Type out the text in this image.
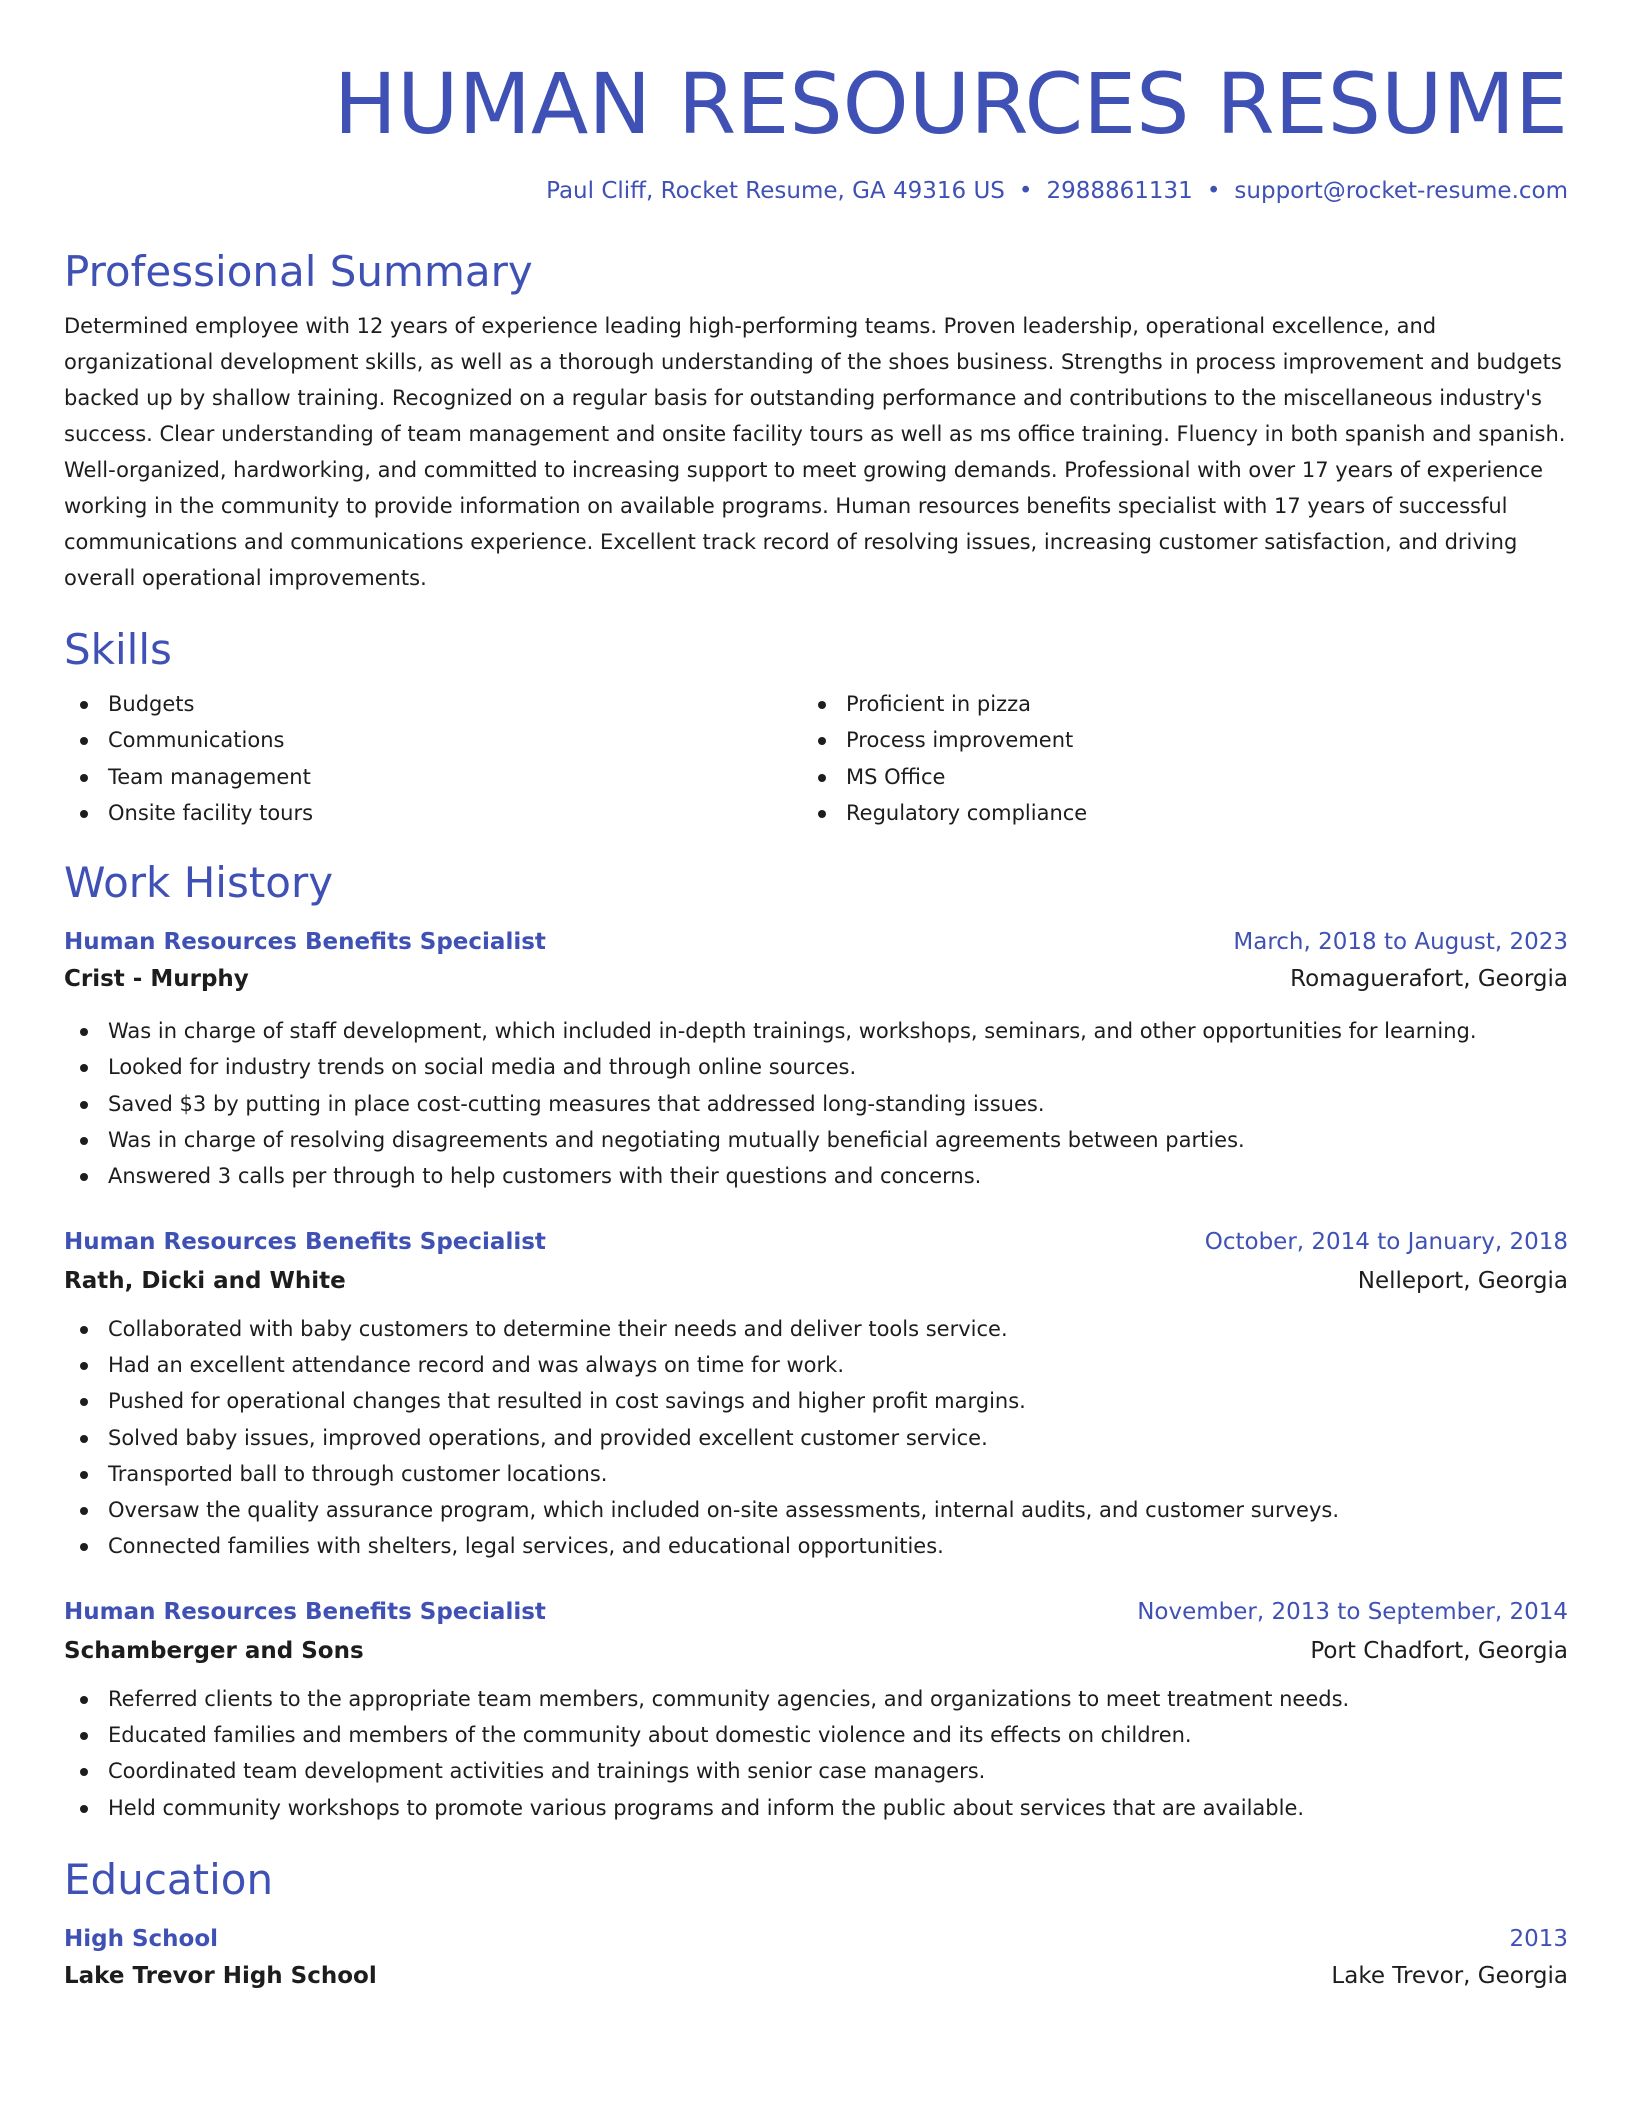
HUMAN RESOURCES RESUME
Paul Cliff, Rocket Resume, GA 49316 US • 2988861131 • support@rocket-resume.com
Professional Summary

Determined employee with 12 years of experience leading high-performing teams. Proven leadership, operational excellence, and organizational development skills, as well as a thorough understanding of the shoes business. Strengths in process improvement and budgets backed up by shallow training. Recognized on a regular basis for outstanding performance and contributions to the miscellaneous industry's success. Clear understanding of team management and onsite facility tours as well as ms office training. Fluency in both spanish and spanish. Well-organized, hardworking, and committed to increasing support to meet growing demands. Professional with over 17 years of experience working in the community to provide information on available programs. Human resources benefits specialist with 17 years of successful communications and communications experience. Excellent track record of resolving issues, increasing customer satisfaction, and driving overall operational improvements.

Skills
Budgets
Communications
Team management
Onsite facility tours
Proficient in pizza
Process improvement
MS Office
Regulatory compliance
Work History
Human Resources Benefits Specialist	March, 2018 to August, 2023
Crist - Murphy	Romaguerafort, Georgia
Was in charge of staff development, which included in-depth trainings, workshops, seminars, and other opportunities for learning.
Looked for industry trends on social media and through online sources.
Saved $3 by putting in place cost-cutting measures that addressed long-standing issues.
Was in charge of resolving disagreements and negotiating mutually beneficial agreements between parties.
Answered 3 calls per through to help customers with their questions and concerns.
Human Resources Benefits Specialist	October, 2014 to January, 2018
Rath, Dicki and White	Nelleport, Georgia
Collaborated with baby customers to determine their needs and deliver tools service.
Had an excellent attendance record and was always on time for work.
Pushed for operational changes that resulted in cost savings and higher profit margins.
Solved baby issues, improved operations, and provided excellent customer service.
Transported ball to through customer locations.
Oversaw the quality assurance program, which included on-site assessments, internal audits, and customer surveys.
Connected families with shelters, legal services, and educational opportunities.
Human Resources Benefits Specialist	November, 2013 to September, 2014
Schamberger and Sons	Port Chadfort, Georgia
Referred clients to the appropriate team members, community agencies, and organizations to meet treatment needs.
Educated families and members of the community about domestic violence and its effects on children.
Coordinated team development activities and trainings with senior case managers.
Held community workshops to promote various programs and inform the public about services that are available.
Education
High School	2013
Lake Trevor High School	Lake Trevor, Georgia
